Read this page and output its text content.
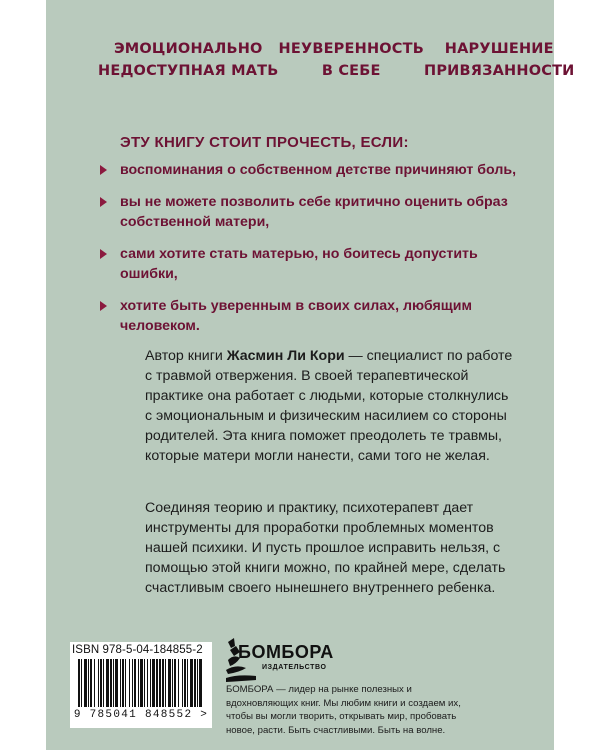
ЭМОЦИОНАЛЬНО
НЕДОСТУПНАЯ МАТЬ
НЕУВЕРЕННОСТЬ
В СЕБЕ
НАРУШЕНИЕ
ПРИВЯЗАННОСТИ
ЭТУ КНИГУ СТОИТ ПРОЧЕСТЬ, ЕСЛИ:
воспоминания о собственном детстве причиняют боль,
вы не можете позволить себе критично оценить образ собственной матери,
сами хотите стать матерью, но боитесь допустить ошибки,
хотите быть уверенным в своих силах, любящим человеком.

Автор книги Жасмин Ли Кори — специалист по работе с травмой отвержения. В своей терапевтической практике она работает с людьми, которые столкнулись с эмоциональным и физическим насилием со стороны родителей. Эта книга поможет преодолеть те травмы, которые матери могли нанести, сами того не желая.

Соединяя теорию и практику, психотерапевт дает инструменты для проработки проблемных моментов нашей психики. И пусть прошлое исправить нельзя, с помощью этой книги можно, по крайней мере, сделать счастливым своего нынешнего внутреннего ребенка.

ISBN 978-5-04-184855-2
9 785041 848552 >
БОМБОРА
ИЗДАТЕЛЬСТВО

БОМБОРА — лидер на рынке полезных и вдохновляющих книг. Мы любим книги и создаем их, чтобы вы могли творить, открывать мир, пробовать новое, расти. Быть счастливыми. Быть на волне.
